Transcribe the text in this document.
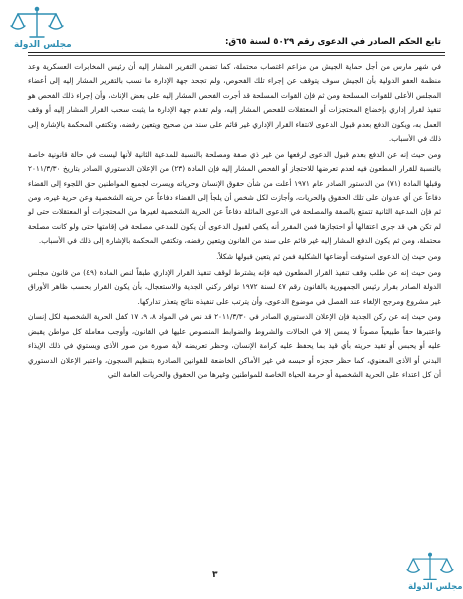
مجلس الدولة	تابع الحكم الصادر في الدعوى رقم ٥٠٢٩ لسنة ٦٥ق:

في شهر مارس من أجل حماية الجيش من مزاعم اغتصاب محتملة، كما تضمن التقرير المشار إليه أن رئيس المخابرات العسكرية وعد منظمة العفو الدولية بأن الجيش سوف يتوقف عن إجراء تلك الفحوص، ولم تجحد جهة الإدارة ما نسب بالتقرير المشار إليه إلى أعضاء المجلس الأعلى للقوات المسلحة ومن ثم فإن القوات المسلحة قد أجرت الفحص المشار إليه على بعض الإناث، وأن إجراء ذلك الفحص هو تنفيذ لقرار إداري بإخضاع المحتجزات أو المعتقلات للفحص المشار إليه، ولم تقدم جهة الإدارة ما يثبت سحب القرار المشار إليه أو وقف العمل به، ويكون الدفع بعدم قبول الدعوى لانتفاء القرار الإداري غير قائم على سند من صحيح ويتعين رفضه، وتكتفي المحكمة بالإشارة إلى ذلك في الأسباب.

ومن حيث إنه عن الدفع بعدم قبول الدعوى لرفعها من غير ذي صفة ومصلحة بالنسبة للمدعية الثانية لأنها ليست في حالة قانونية خاصة بالنسبة للقرار المطعون فيه لعدم تعرضها للاحتجاز أو الفحص المشار إليه فإن المادة (٢٣) من الإعلان الدستوري الصادر بتاريخ ٢٠١١/٣/٣٠ وقبلها المادة (٧١) من الدستور الصادر عام ١٩٧١ أعلت من شأن حقوق الإنسان وحرياته ويسرت لجميع المواطنين حق اللجوء إلى القضاء دفاعاً عن أي عدوان على تلك الحقوق والحريات، وأجازت لكل شخص أن يلجأ إلى القضاء دفاعاً عن حريته الشخصية وعن حرية غيره، ومن ثم فإن المدعية الثانية تتمتع بالصفة والمصلحة في الدعوى الماثلة دفاعاً عن الحرية الشخصية لغيرها من المحتجزات أو المعتقلات حتى لو لم تكن هي قد جرى اعتقالها أو احتجازها فمن المقرر أنه يكفي لقبول الدعوى أن يكون للمدعي مصلحة في إقامتها حتى ولو كانت مصلحة محتملة، ومن ثم يكون الدفع المشار إليه غير قائم على سند من القانون ويتعين رفضه، وتكتفي المحكمة بالإشارة إلى ذلك في الأسباب.

ومن حيث إن الدعوى استوفت أوضاعها الشكلية فمن ثم يتعين قبولها شكلاً.

ومن حيث إنه عن طلب وقف تنفيذ القرار المطعون فيه فإنه يشترط لوقف تنفيذ القرار الإداري طبقاً لنص المادة (٤٩) من قانون مجلس الدولة الصادر بقرار رئيس الجمهورية بالقانون رقم ٤٧ لسنة ١٩٧٢ توافر ركني الجدية والاستعجال، بأن يكون القرار بحسب ظاهر الأوراق غير مشروع ومرجح الإلغاء عند الفصل في موضوع الدعوى، وأن يترتب على تنفيذه نتائج يتعذر تداركها.

ومن حيث إنه عن ركن الجدية فإن الإعلان الدستوري الصادر في ٢٠١١/٣/٣٠ قد نص في المواد ٨، ٩، ١٧ كفل الحرية الشخصية لكل إنسان واعتبرها حقاً طبيعياً مصوناً لا يمس إلا في الحالات والشروط والضوابط المنصوص عليها في القانون، وأوجب معاملة كل مواطن يقبض عليه أو يحبس أو تقيد حريته بأي قيد بما يحفظ عليه كرامة الإنسان، وحظر تعريضه لأية صورة من صور الأذى ويستوي في ذلك الإيذاء البدني أو الأذى المعنوي، كما حظر حجزه أو حبسه في غير الأماكن الخاضعة للقوانين الصادرة بتنظيم السجون، واعتبر الإعلان الدستوري أن كل اعتداء على الحرية الشخصية أو حرمة الحياة الخاصة للمواطنين وغيرها من الحقوق والحريات العامة التي

٣
مجلس الدولة
